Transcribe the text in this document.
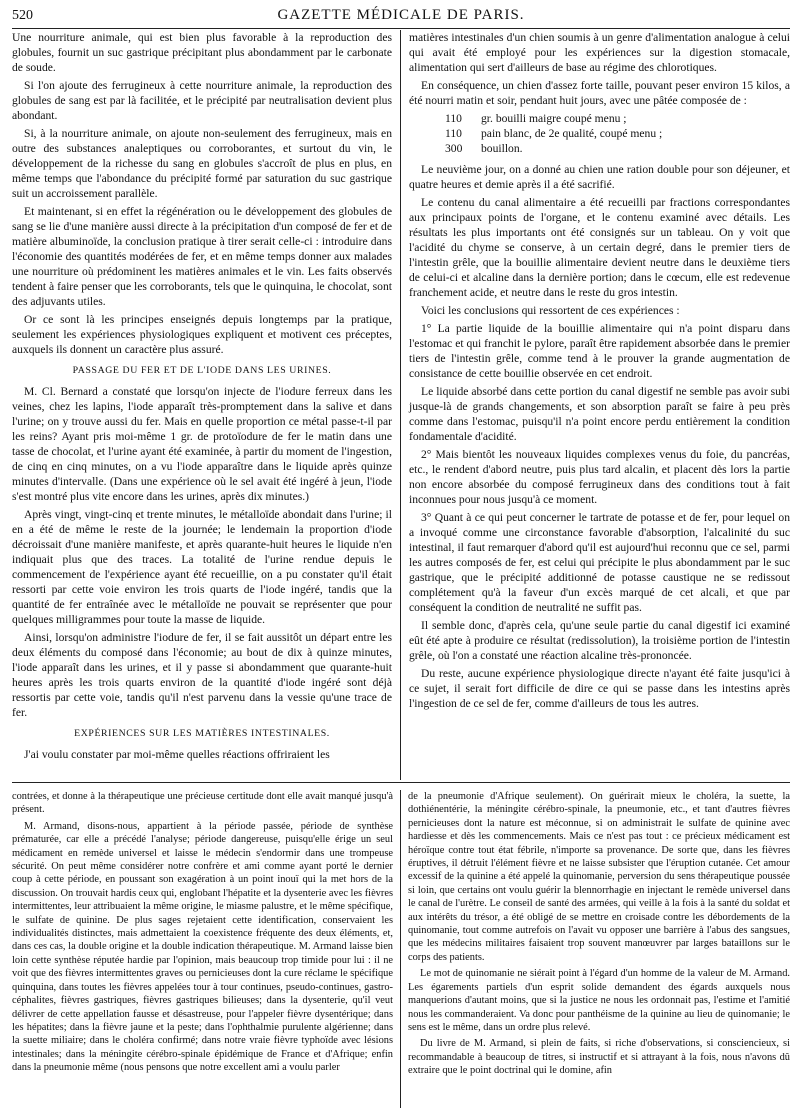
520	GAZETTE MÉDICALE DE PARIS.

Une nourriture animale, qui est bien plus favorable à la reproduction des globules, fournit un suc gastrique précipitant plus abondamment par le carbonate de soude.

Si l'on ajoute des ferrugineux à cette nourriture animale, la reproduction des globules de sang est par là facilitée, et le précipité par neutralisation devient plus abondant.

Si, à la nourriture animale, on ajoute non-seulement des ferrugineux, mais en outre des substances analeptiques ou corroborantes, et surtout du vin, le développement de la richesse du sang en globules s'accroît de plus en plus, en même temps que l'abondance du précipité formé par saturation du suc gastrique suit un accroissement parallèle.

Et maintenant, si en effet la régénération ou le développement des globules de sang se lie d'une manière aussi directe à la précipitation d'un composé de fer et de matière albuminoïde, la conclusion pratique à tirer serait celle-ci : introduire dans l'économie des quantités modérées de fer, et en même temps donner aux malades une nourriture où prédominent les matières animales et le vin. Les faits observés tendent à faire penser que les corroborants, tels que le quinquina, le chocolat, sont des adjuvants utiles.

Or ce sont là les principes enseignés depuis longtemps par la pratique, seulement les expériences physiologiques expliquent et motivent ces préceptes, auxquels ils donnent un caractère plus assuré.

PASSAGE DU FER ET DE L'IODE DANS LES URINES.

M. Cl. Bernard a constaté que lorsqu'on injecte de l'iodure ferreux dans les veines, chez les lapins, l'iode apparaît très-promptement dans la salive et dans l'urine; on y trouve aussi du fer. Mais en quelle proportion ce métal passe-t-il par les reins? Ayant pris moi-même 1 gr. de protoïodure de fer le matin dans une tasse de chocolat, et l'urine ayant été examinée, à partir du moment de l'ingestion, de cinq en cinq minutes, on a vu l'iode apparaître dans le liquide après quinze minutes d'intervalle. (Dans une expérience où le sel avait été ingéré à jeun, l'iode s'est montré plus vite encore dans les urines, après dix minutes.)

Après vingt, vingt-cinq et trente minutes, le métalloïde abondait dans l'urine; il en a été de même le reste de la journée; le lendemain la proportion d'iode décroissait d'une manière manifeste, et après quarante-huit heures le liquide n'en indiquait plus que des traces. La totalité de l'urine rendue depuis le commencement de l'expérience ayant été recueillie, on a pu constater qu'il était ressorti par cette voie environ les trois quarts de l'iode ingéré, tandis que la quantité de fer entraînée avec le métalloïde ne pouvait se représenter que pour quelques milligrammes pour toute la masse de liquide.

Ainsi, lorsqu'on administre l'iodure de fer, il se fait aussitôt un départ entre les deux éléments du composé dans l'économie; au bout de dix à quinze minutes, l'iode apparaît dans les urines, et il y passe si abondamment que quarante-huit heures après les trois quarts environ de la quantité d'iode ingéré sont déjà ressortis par cette voie, tandis qu'il n'est parvenu dans la vessie qu'une trace de fer.

EXPÉRIENCES SUR LES MATIÈRES INTESTINALES.

J'ai voulu constater par moi-même quelles réactions offriraient les

matières intestinales d'un chien soumis à un genre d'alimentation analogue à celui qui avait été employé pour les expériences sur la digestion stomacale, alimentation qui sert d'ailleurs de base au régime des chlorotiques.

En conséquence, un chien d'assez forte taille, pouvant peser environ 15 kilos, a été nourri matin et soir, pendant huit jours, avec une pâtée composée de :

110	gr. bouilli maigre coupé menu ;
110	pain blanc, de 2e qualité, coupé menu ;
300	bouillon.

Le neuvième jour, on a donné au chien une ration double pour son déjeuner, et quatre heures et demie après il a été sacrifié.

Le contenu du canal alimentaire a été recueilli par fractions correspondantes aux principaux points de l'organe, et le contenu examiné avec détails. Les résultats les plus importants ont été consignés sur un tableau. On y voit que l'acidité du chyme se conserve, à un certain degré, dans le premier tiers de l'intestin grêle, que la bouillie alimentaire devient neutre dans le deuxième tiers de celui-ci et alcaline dans la dernière portion; dans le cœcum, elle est redevenue franchement acide, et neutre dans le reste du gros intestin.

Voici les conclusions qui ressortent de ces expériences :

1° La partie liquide de la bouillie alimentaire qui n'a point disparu dans l'estomac et qui franchit le pylore, paraît être rapidement absorbée dans le premier tiers de l'intestin grêle, comme tend à le prouver la grande augmentation de consistance de cette bouillie observée en cet endroit.

Le liquide absorbé dans cette portion du canal digestif ne semble pas avoir subi jusque-là de grands changements, et son absorption paraît se faire à peu près comme dans l'estomac, puisqu'il n'a point encore perdu entièrement la condition fondamentale d'acidité.

2° Mais bientôt les nouveaux liquides complexes venus du foie, du pancréas, etc., le rendent d'abord neutre, puis plus tard alcalin, et placent dès lors la partie non encore absorbée du composé ferrugineux dans des conditions tout à fait inconnues pour nous jusqu'à ce moment.

3° Quant à ce qui peut concerner le tartrate de potasse et de fer, pour lequel on a invoqué comme une circonstance favorable d'absorption, l'alcalinité du suc intestinal, il faut remarquer d'abord qu'il est aujourd'hui reconnu que ce sel, parmi les autres composés de fer, est celui qui précipite le plus abondamment par le suc gastrique, que le précipité additionné de potasse caustique ne se redissout complétement qu'à la faveur d'un excès marqué de cet alcali, et que par conséquent la condition de neutralité ne suffit pas.

Il semble donc, d'après cela, qu'une seule partie du canal digestif ici examiné eût été apte à produire ce résultat (redissolution), la troisième portion de l'intestin grêle, où l'on a constaté une réaction alcaline très-prononcée.

Du reste, aucune expérience physiologique directe n'ayant été faite jusqu'ici à ce sujet, il serait fort difficile de dire ce qui se passe dans les intestins après l'ingestion de ce sel de fer, comme d'ailleurs de tous les autres.

contrées, et donne à la thérapeutique une précieuse certitude dont elle avait manqué jusqu'à présent.

M. Armand, disons-nous, appartient à la période passée, période de synthèse prématurée, car elle a précédé l'analyse; période dangereuse, puisqu'elle érige un seul médicament en remède universel et laisse le médecin s'endormir dans une trompeuse sécurité. On peut même considérer notre confrère et ami comme ayant porté le dernier coup à cette période, en poussant son exagération à un point inouï qui la met hors de la discussion. On trouvait hardis ceux qui, englobant l'hépatite et la dysenterie avec les fièvres intermittentes, leur attribuaient la même origine, le miasme palustre, et le même spécifique, le sulfate de quinine. De plus sages rejetaient cette identification, conservaient les individualités distinctes, mais admettaient la coexistence fréquente des deux éléments, et, dans ces cas, la double origine et la double indication thérapeutique. M. Armand laisse bien loin cette synthèse réputée hardie par l'opinion, mais beaucoup trop timide pour lui : il ne voit que des fièvres intermittentes graves ou pernicieuses dont la cure réclame le spécifique quinquina, dans toutes les fièvres appelées tour à tour continues, pseudo-continues, gastro-céphalites, fièvres gastriques, fièvres gastriques bilieuses; dans la dysenterie, qu'il veut délivrer de cette appellation fausse et désastreuse, pour l'appeler fièvre dysentérique; dans les hépatites; dans la fièvre jaune et la peste; dans l'ophthalmie purulente algérienne; dans la suette miliaire; dans le choléra confirmé; dans notre vraie fièvre typhoïde avec lésions intestinales; dans la méningite cérébro-spinale épidémique de France et d'Afrique; enfin dans la pneumonie même (nous pensons que notre excellent ami a voulu parler

de la pneumonie d'Afrique seulement). On guérirait mieux le choléra, la suette, la dothiénentérie, la méningite cérébro-spinale, la pneumonie, etc., et tant d'autres fièvres pernicieuses dont la nature est méconnue, si on administrait le sulfate de quinine avec hardiesse et dès les commencements. Mais ce n'est pas tout : ce précieux médicament est héroïque contre tout état fébrile, n'importe sa provenance. De sorte que, dans les fièvres éruptives, il détruit l'élément fièvre et ne laisse subsister que l'éruption cutanée. Cet amour excessif de la quinine a été appelé la quinomanie, perversion du sens thérapeutique poussée si loin, que certains ont voulu guérir la blennorrhagie en injectant le remède universel dans le canal de l'urètre. Le conseil de santé des armées, qui veille à la fois à la santé du soldat et aux intérêts du trésor, a été obligé de se mettre en croisade contre les débordements de la quinomanie, tout comme autrefois on l'avait vu opposer une barrière à l'abus des sangsues, que les médecins militaires faisaient trop souvent manœuvrer par larges bataillons sur le corps des patients.

Le mot de quinomanie ne siérait point à l'égard d'un homme de la valeur de M. Armand. Les égarements partiels d'un esprit solide demandent des égards auxquels nous manquerions d'autant moins, que si la justice ne nous les ordonnait pas, l'estime et l'amitié nous les commanderaient. Va donc pour panthéisme de la quinine au lieu de quinomanie; le sens est le même, dans un ordre plus relevé.

Du livre de M. Armand, si plein de faits, si riche d'observations, si consciencieux, si recommandable à beaucoup de titres, si instructif et si attrayant à la fois, nous n'avons dû extraire que le point doctrinal qui le domine, afin
